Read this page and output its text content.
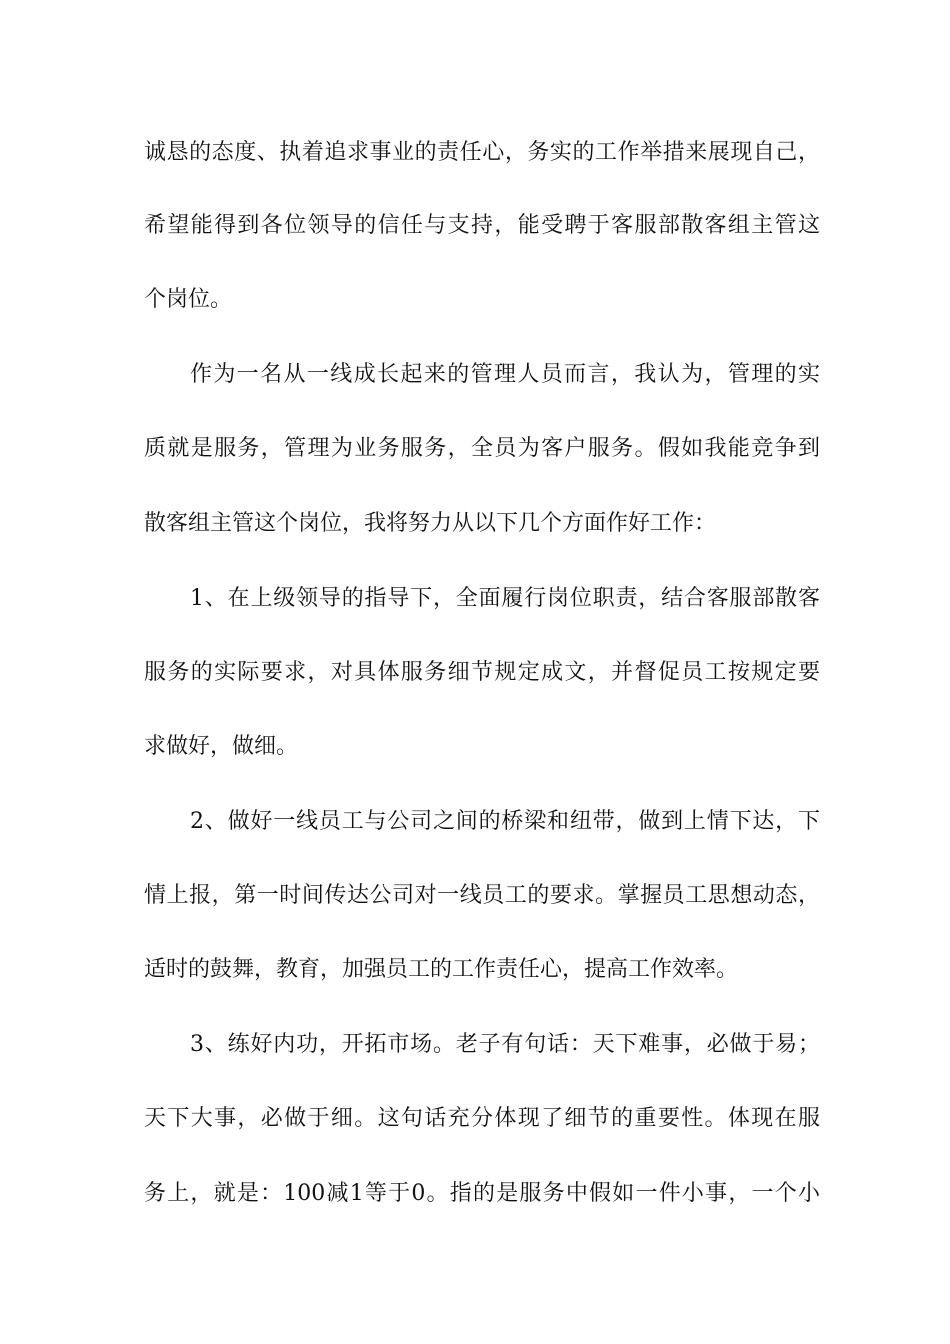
诚恳的态度、执着追求事业的责任心，务实的工作举措来展现自己，
希望能得到各位领导的信任与支持，能受聘于客服部散客组主管这
个岗位。
作为一名从一线成长起来的管理人员而言，我认为，管理的实
质就是服务，管理为业务服务，全员为客户服务。假如我能竞争到
散客组主管这个岗位，我将努力从以下几个方面作好工作：
1、在上级领导的指导下，全面履行岗位职责，结合客服部散客
服务的实际要求，对具体服务细节规定成文，并督促员工按规定要
求做好，做细。
2、做好一线员工与公司之间的桥梁和纽带，做到上情下达，下
情上报，第一时间传达公司对一线员工的要求。掌握员工思想动态，
适时的鼓舞，教育，加强员工的工作责任心，提高工作效率。
3、练好内功，开拓市场。老子有句话：天下难事，必做于易；
天下大事，必做于细。这句话充分体现了细节的重要性。体现在服
务上，就是：100减1等于0。指的是服务中假如一件小事，一个小
